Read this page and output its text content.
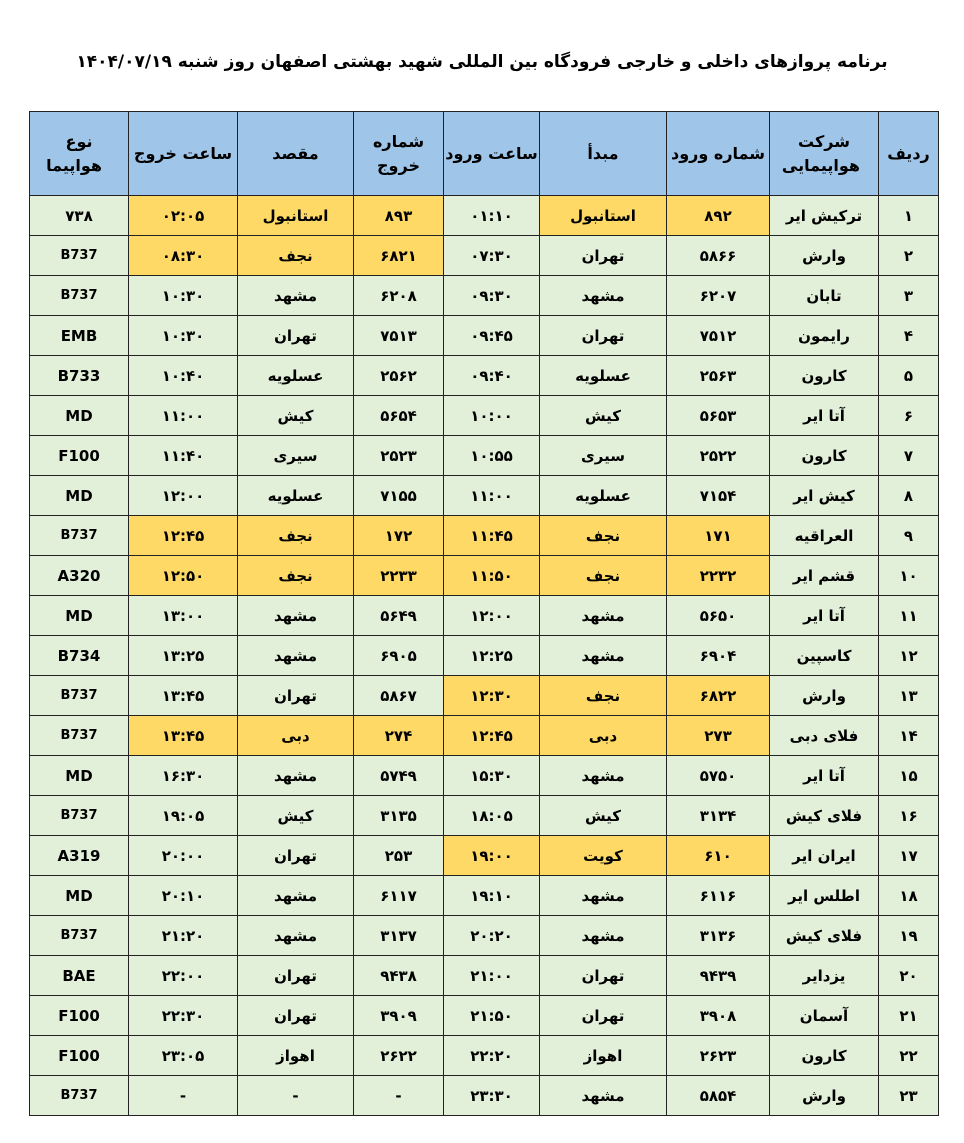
برنامه پروازهای داخلی و خارجی فرودگاه بین المللی شهید بهشتی اصفهان روز شنبه ۱۴۰۴/۰۷/۱۹
ردیف	شرکت هواپیمایی	شماره ورود	مبدأ	ساعت ورود	شماره خروج	مقصد	ساعت خروج	نوع هواپیما
۱	ترکیش ایر	۸۹۲	استانبول	۰۱:۱۰	۸۹۳	استانبول	۰۲:۰۵	۷۳۸
۲	وارش	۵۸۶۶	تهران	۰۷:۳۰	۶۸۲۱	نجف	۰۸:۳۰	B737
۳	تابان	۶۲۰۷	مشهد	۰۹:۳۰	۶۲۰۸	مشهد	۱۰:۳۰	B737
۴	رایمون	۷۵۱۲	تهران	۰۹:۴۵	۷۵۱۳	تهران	۱۰:۳۰	EMB
۵	کارون	۲۵۶۳	عسلویه	۰۹:۴۰	۲۵۶۲	عسلویه	۱۰:۴۰	B733
۶	آتا ایر	۵۶۵۳	کیش	۱۰:۰۰	۵۶۵۴	کیش	۱۱:۰۰	MD
۷	کارون	۲۵۲۲	سیری	۱۰:۵۵	۲۵۲۳	سیری	۱۱:۴۰	F100
۸	کیش ایر	۷۱۵۴	عسلویه	۱۱:۰۰	۷۱۵۵	عسلویه	۱۲:۰۰	MD
۹	العراقیه	۱۷۱	نجف	۱۱:۴۵	۱۷۲	نجف	۱۲:۴۵	B737
۱۰	قشم ایر	۲۲۳۲	نجف	۱۱:۵۰	۲۲۳۳	نجف	۱۲:۵۰	A320
۱۱	آتا ایر	۵۶۵۰	مشهد	۱۲:۰۰	۵۶۴۹	مشهد	۱۳:۰۰	MD
۱۲	کاسپین	۶۹۰۴	مشهد	۱۲:۲۵	۶۹۰۵	مشهد	۱۳:۲۵	B734
۱۳	وارش	۶۸۲۲	نجف	۱۲:۳۰	۵۸۶۷	تهران	۱۳:۴۵	B737
۱۴	فلای دبی	۲۷۳	دبی	۱۲:۴۵	۲۷۴	دبی	۱۳:۴۵	B737
۱۵	آتا ایر	۵۷۵۰	مشهد	۱۵:۳۰	۵۷۴۹	مشهد	۱۶:۳۰	MD
۱۶	فلای کیش	۳۱۳۴	کیش	۱۸:۰۵	۳۱۳۵	کیش	۱۹:۰۵	B737
۱۷	ایران ایر	۶۱۰	کویت	۱۹:۰۰	۲۵۳	تهران	۲۰:۰۰	A319
۱۸	اطلس ایر	۶۱۱۶	مشهد	۱۹:۱۰	۶۱۱۷	مشهد	۲۰:۱۰	MD
۱۹	فلای کیش	۳۱۳۶	مشهد	۲۰:۲۰	۳۱۳۷	مشهد	۲۱:۲۰	B737
۲۰	یزدایر	۹۴۳۹	تهران	۲۱:۰۰	۹۴۳۸	تهران	۲۲:۰۰	BAE
۲۱	آسمان	۳۹۰۸	تهران	۲۱:۵۰	۳۹۰۹	تهران	۲۲:۳۰	F100
۲۲	کارون	۲۶۲۳	اهواز	۲۲:۲۰	۲۶۲۲	اهواز	۲۳:۰۵	F100
۲۳	وارش	۵۸۵۴	مشهد	۲۳:۳۰	-	-	-	B737
